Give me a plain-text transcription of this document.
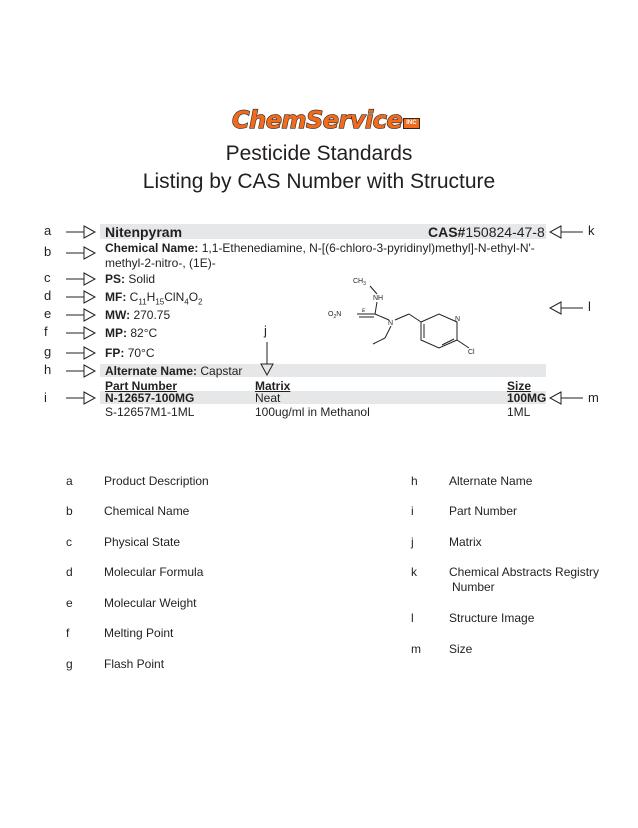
ChemService INC
Pesticide Standards
Listing by CAS Number with Structure
a
b
c
d
e
f
g
h
i
k
l
m
j
Nitenpyram	CAS#150824-47-8
Chemical Name: 1,1-Ethenediamine, N-[(6-chloro-3-pyridinyl)methyl]-N-ethyl-N'-
methyl-2-nitro-, (1E)-
PS: Solid
MF: $C_{11}H_{15}ClN_4O_2$
MW: 270.75
MP: 82°C
FP: 70°C
Alternate Name: Capstar
$CH_3$
NH
$O_2N$	E
N
N
Cl
Part Number	Matrix	Size
N-12657-100MG	Neat	100MG
S-12657M1-1ML	100ug/ml in Methanol	1ML
a	Product Description
b	Chemical Name
c	Physical State
d	Molecular Formula
e	Molecular Weight
f	Melting Point
g	Flash Point
h	Alternate Name
i	Part Number
j	Matrix
k	Chemical Abstracts Registry
Number
l	Structure Image
m Size
